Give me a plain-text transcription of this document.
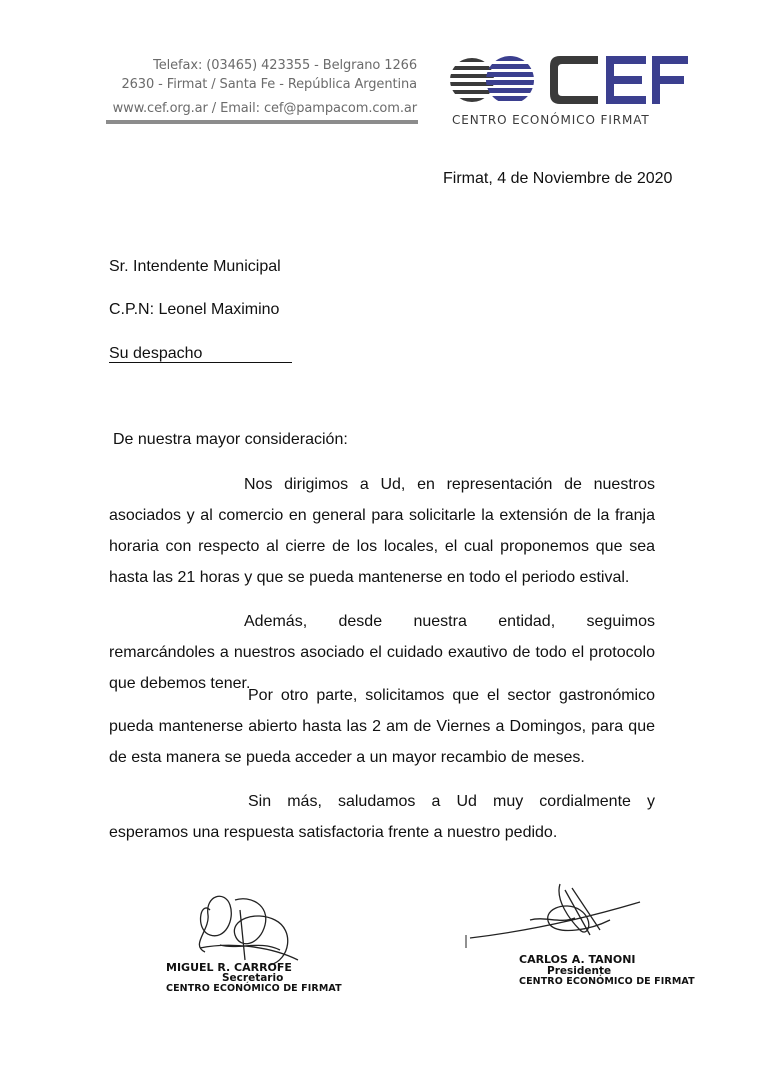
Telefax: (03465) 423355 - Belgrano 1266
2630 - Firmat / Santa Fe - República Argentina
www.cef.org.ar / Email: cef@pampacom.com.ar
CENTRO ECONÓMICO FIRMAT
Firmat, 4 de Noviembre de 2020
Sr. Intendente Municipal
C.P.N: Leonel Maximino
Su despacho
De nuestra mayor consideración:
Nos dirigimos a Ud, en representación de nuestros asociados y al comercio en general para solicitarle la extensión de la franja horaria con respecto al cierre de los locales, el cual proponemos que sea hasta las 21 horas y que se pueda mantenerse en todo el periodo estival.
Además, desde nuestra entidad, seguimos remarcándoles a nuestros asociado el cuidado exautivo de todo el protocolo que debemos tener.
Por otro parte, solicitamos que el sector gastronómico pueda mantenerse abierto hasta las 2 am de Viernes a Domingos, para que de esta manera se pueda acceder a un mayor recambio de meses.
Sin más, saludamos a Ud muy cordialmente y esperamos una respuesta satisfactoria frente a nuestro pedido.
MIGUEL R. CARROFE
Secretario
CENTRO ECONÓMICO DE FIRMAT
CARLOS A. TANONI
Presidente
CENTRO ECONÓMICO DE FIRMAT
